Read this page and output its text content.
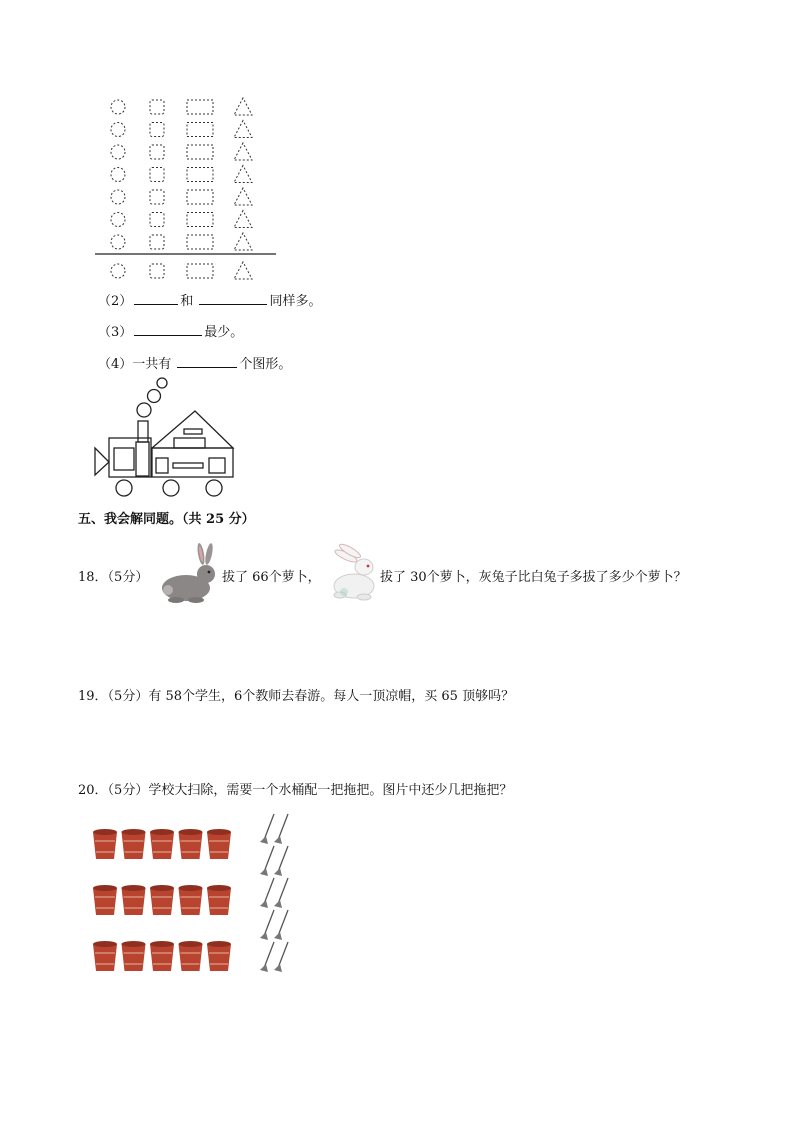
（2）	和	同样多。
（3）	最少。
（4）一共有	个图形。
五、我会解同题。（共 25 分）
18．（5分）	拔了 66个萝卜，	拔了 30个萝卜，灰兔子比白兔子多拔了多少个萝卜？
19．（5分）有 58个学生，6个教师去春游。每人一顶凉帽，买 65 顶够吗？
20．（5分）学校大扫除，需要一个水桶配一把拖把。图片中还少几把拖把？
